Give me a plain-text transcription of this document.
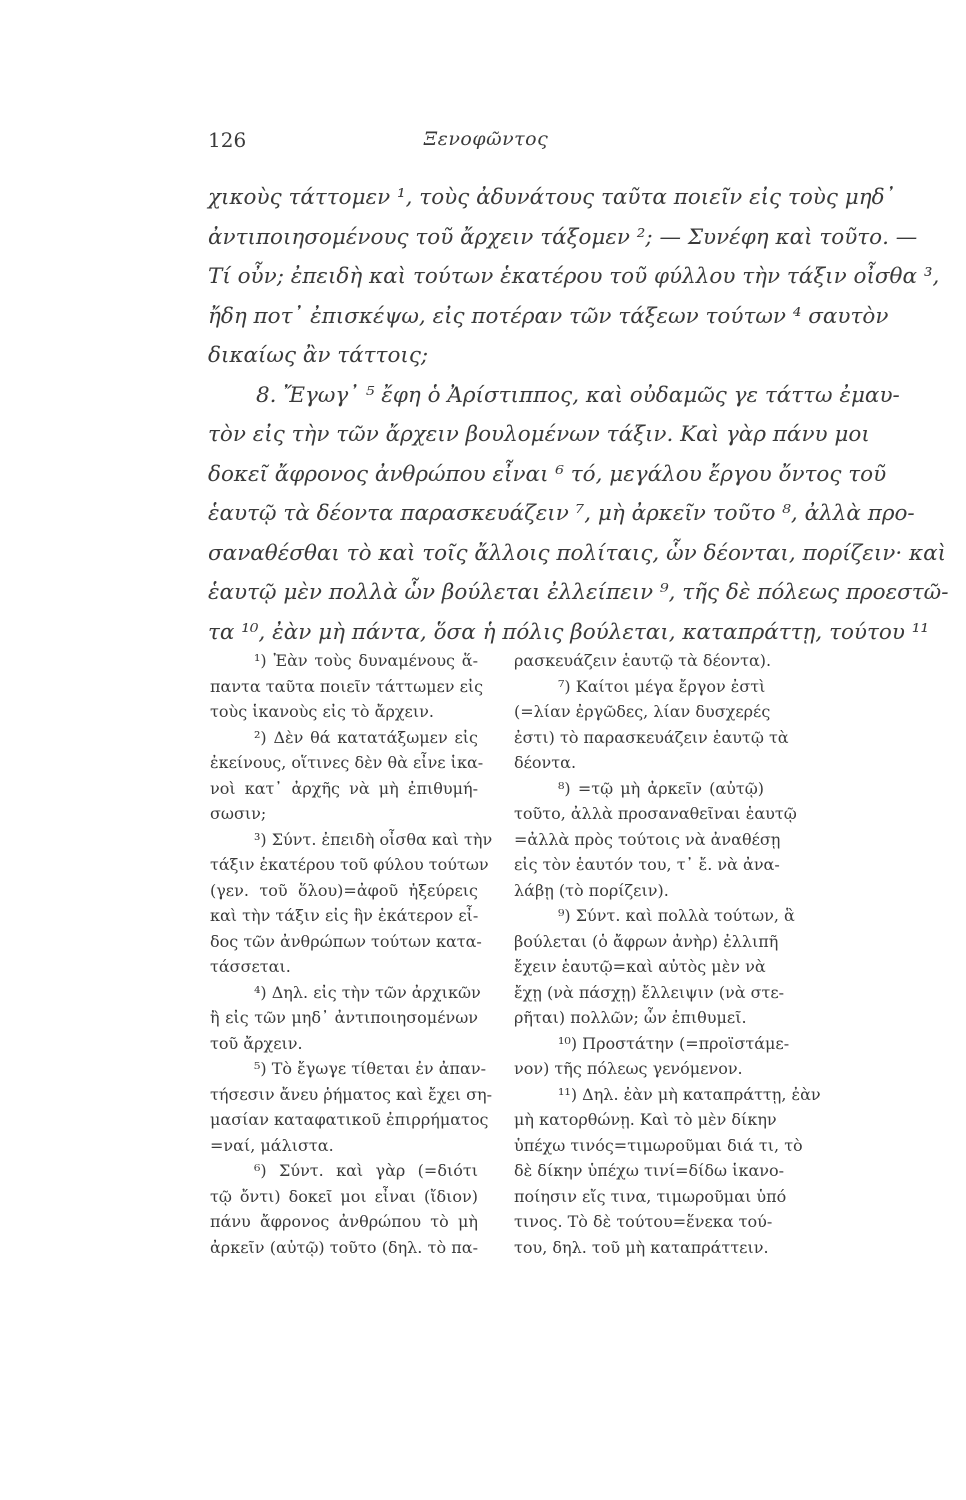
126	Ξενοφῶντος
χικοὺς τάττομεν ¹, τοὺς ἀδυνάτους ταῦτα ποιεῖν εἰς τοὺς μηδ᾽
ἀντιποιησομένους τοῦ ἄρχειν τάξομεν ²; — Συνέφη καὶ τοῦτο. —
Τί οὖν; ἐπειδὴ καὶ τούτων ἑκατέρου τοῦ φύλλου τὴν τάξιν οἶσθα ³,
ἤδη ποτ᾽ ἐπισκέψω, εἰς ποτέραν τῶν τάξεων τούτων ⁴ σαυτὸν
δικαίως ἂν τάττοις;
8. Ἔγωγ᾽ ⁵ ἔφη ὁ Ἀρίστιππος, καὶ οὐδαμῶς γε τάττω ἐμαυ-
τὸν εἰς τὴν τῶν ἄρχειν βουλομένων τάξιν. Καὶ γὰρ πάνυ μοι
δοκεῖ ἄφρονος ἀνθρώπου εἶναι ⁶ τό, μεγάλου ἔργου ὄντος τοῦ
ἑαυτῷ τὰ δέοντα παρασκευάζειν ⁷, μὴ ἀρκεῖν τοῦτο ⁸, ἀλλὰ προ-
σαναθέσθαι τὸ καὶ τοῖς ἄλλοις πολίταις, ὧν δέονται, πορίζειν· καὶ
ἑαυτῷ μὲν πολλὰ ὧν βούλεται ἐλλείπειν ⁹, τῆς δὲ πόλεως προεστῶ-
τα ¹⁰, ἐὰν μὴ πάντα, ὅσα ἡ πόλις βούλεται, καταπράττῃ, τούτου ¹¹
¹) Ἐὰν τοὺς δυναμένους ἅ-
παντα ταῦτα ποιεῖν τάττωμεν εἰς
τοὺς ἱκανοὺς εἰς τὸ ἄρχειν.
²) Δὲν θά κατατάξωμεν εἰς
ἐκείνους, οἵτινες δὲν θὰ εἶνε ἱκα-
νοὶ κατ᾽ ἀρχῆς νὰ μὴ ἐπιθυμή-
σωσιν;
³) Σύντ. ἐπειδὴ οἶσθα καὶ τὴν
τάξιν ἑκατέρου τοῦ φύλου τούτων
(γεν. τοῦ ὅλου)=ἀφοῦ ἠξεύρεις
καὶ τὴν τάξιν εἰς ἣν ἑκάτερον εἶ-
δος τῶν ἀνθρώπων τούτων κατα-
τάσσεται.
⁴) Δηλ. εἰς τὴν τῶν ἀρχικῶν
ἢ εἰς τῶν μηδ᾽ ἀντιποιησομένων
τοῦ ἄρχειν.
⁵) Τὸ ἔγωγε τίθεται ἐν ἀπαν-
τήσεσιν ἄνευ ῥήματος καὶ ἔχει ση-
μασίαν καταφατικοῦ ἐπιρρήματος
=ναί, μάλιστα.
⁶) Σύντ. καὶ γὰρ (=διότι
τῷ ὄντι) δοκεῖ μοι εἶναι (ἴδιον)
πάνυ ἄφρονος ἀνθρώπου τὸ μὴ
ἀρκεῖν (αὐτῷ) τοῦτο (δηλ. τὸ πα-
ρασκευάζειν ἑαυτῷ τὰ δέοντα).
⁷) Καίτοι μέγα ἔργον ἐστὶ
(=λίαν ἐργῶδες, λίαν δυσχερές
ἐστι) τὸ παρασκευάζειν ἑαυτῷ τὰ
δέοντα.
⁸) =τῷ μὴ ἀρκεῖν (αὐτῷ)
τοῦτο, ἀλλὰ προσαναθεῖναι ἑαυτῷ
=ἀλλὰ πρὸς τούτοις νὰ ἀναθέσῃ
εἰς τὸν ἑαυτόν του, τ᾽ ἔ. νὰ ἀνα-
λάβῃ (τὸ πορίζειν).
⁹) Σύντ. καὶ πολλὰ τούτων, ἃ
βούλεται (ὁ ἄφρων ἀνὴρ) ἐλλιπῆ
ἔχειν ἑαυτῷ=καὶ αὐτὸς μὲν νὰ
ἔχῃ (νὰ πάσχῃ) ἔλλειψιν (νὰ στε-
ρῆται) πολλῶν; ὧν ἐπιθυμεῖ.
¹⁰) Προστάτην (=προϊστάμε-
νον) τῆς πόλεως γενόμενον.
¹¹) Δηλ. ἐὰν μὴ καταπράττῃ, ἐὰν
μὴ κατορθώνῃ. Καὶ τὸ μὲν δίκην
ὑπέχω τινός=τιμωροῦμαι διά τι, τὸ
δὲ δίκην ὑπέχω τινί=δίδω ἱκανο-
ποίησιν εἴς τινα, τιμωροῦμαι ὑπό
τινος. Τὸ δὲ τούτου=ἕνεκα τού-
του, δηλ. τοῦ μὴ καταπράττειν.
